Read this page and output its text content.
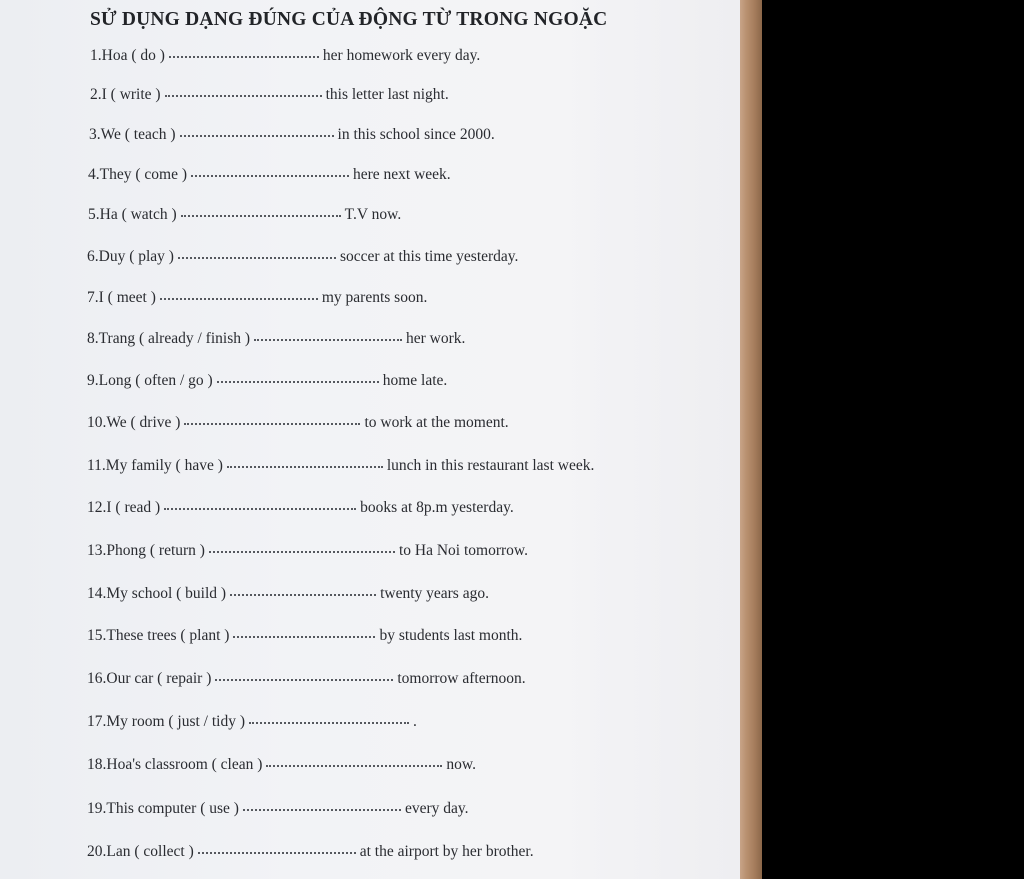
SỬ DỤNG DẠNG ĐÚNG CỦA ĐỘNG TỪ TRONG NGOẶC
1.Hoa ( do )	her homework every day.
2.I ( write )	this letter last night.
3.We ( teach )	in this school since 2000.
4.They ( come )	here next week.
5.Ha ( watch )	T.V now.
6.Duy ( play )	soccer at this time yesterday.
7.I ( meet )	my parents soon.
8.Trang ( already / finish )	her work.
9.Long ( often / go )	home late.
10.We ( drive )	to work at the moment.
11.My family ( have )	lunch in this restaurant last week.
12.I ( read )	books at 8p.m yesterday.
13.Phong ( return )	to Ha Noi tomorrow.
14.My school ( build )	twenty years ago.
15.These trees ( plant )	by students last month.
16.Our car ( repair )	tomorrow afternoon.
17.My room ( just / tidy )	.
18.Hoa's classroom ( clean )	now.
19.This computer ( use )	every day.
20.Lan ( collect )	at the airport by her brother.
